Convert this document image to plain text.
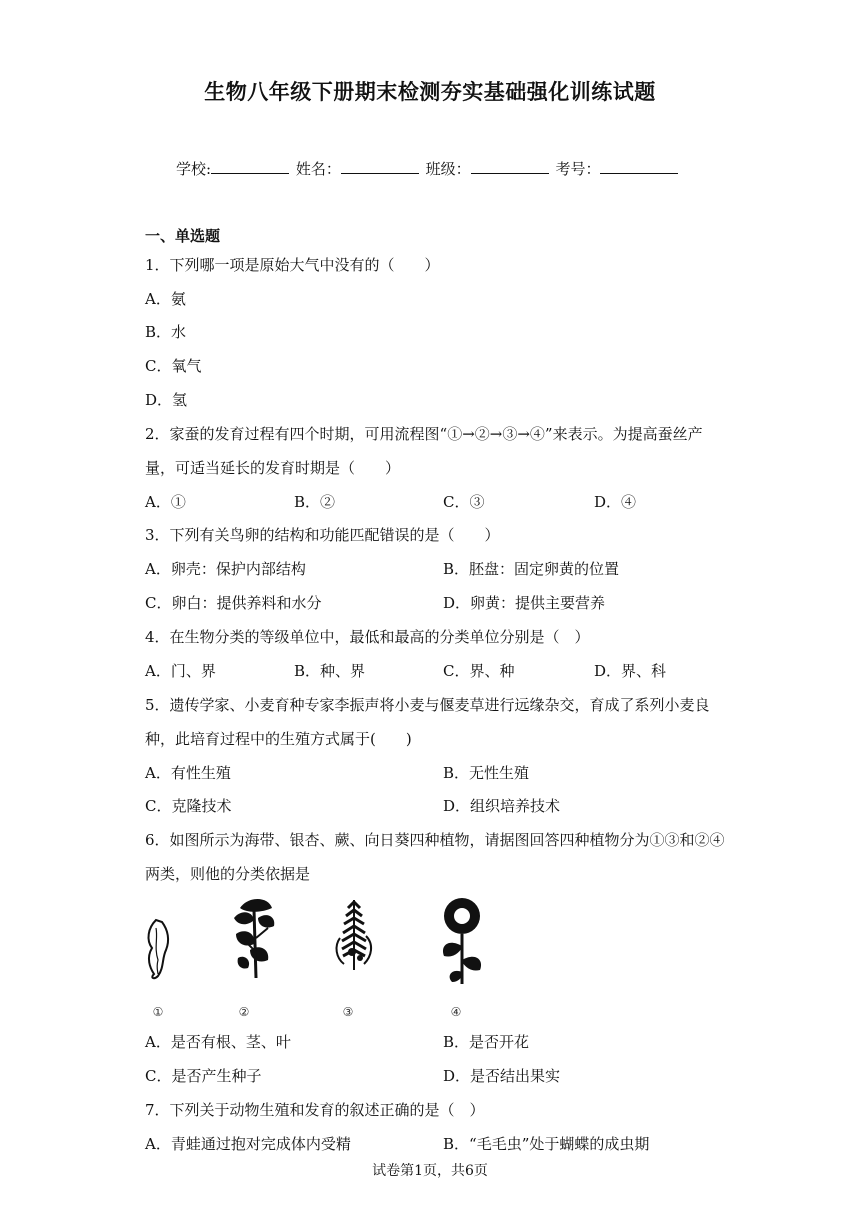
生物八年级下册期末检测夯实基础强化训练试题
学校:	姓名：	班级：	考号：
一、单选题
1．下列哪一项是原始大气中没有的（　　）
A．氨
B．水
C．氧气
D．氢
2．家蚕的发育过程有四个时期，可用流程图“①→②→③→④”来表示。为提高蚕丝产
量，可适当延长的发育时期是（　　）
A．①	B．②	C．③	D．④
3．下列有关鸟卵的结构和功能匹配错误的是（　　）
A．卵壳：保护内部结构	B．胚盘：固定卵黄的位置
C．卵白：提供养料和水分	D．卵黄：提供主要营养
4．在生物分类的等级单位中，最低和最高的分类单位分别是（　）
A．门、界	B．种、界	C．界、种	D．界、科
5．遗传学家、小麦育种专家李振声将小麦与偃麦草进行远缘杂交，育成了系列小麦良
种，此培育过程中的生殖方式属于(　　)
A．有性生殖	B．无性生殖
C．克隆技术	D．组织培养技术
6．如图所示为海带、银杏、蕨、向日葵四种植物，请据图回答四种植物分为①③和②④
两类，则他的分类依据是
①	②	③	④
A．是否有根、茎、叶	B．是否开花
C．是否产生种子	D．是否结出果实
7．下列关于动物生殖和发育的叙述正确的是（　）
A．青蛙通过抱对完成体内受精	B．“毛毛虫”处于蝴蝶的成虫期
试卷第1页，共6页
